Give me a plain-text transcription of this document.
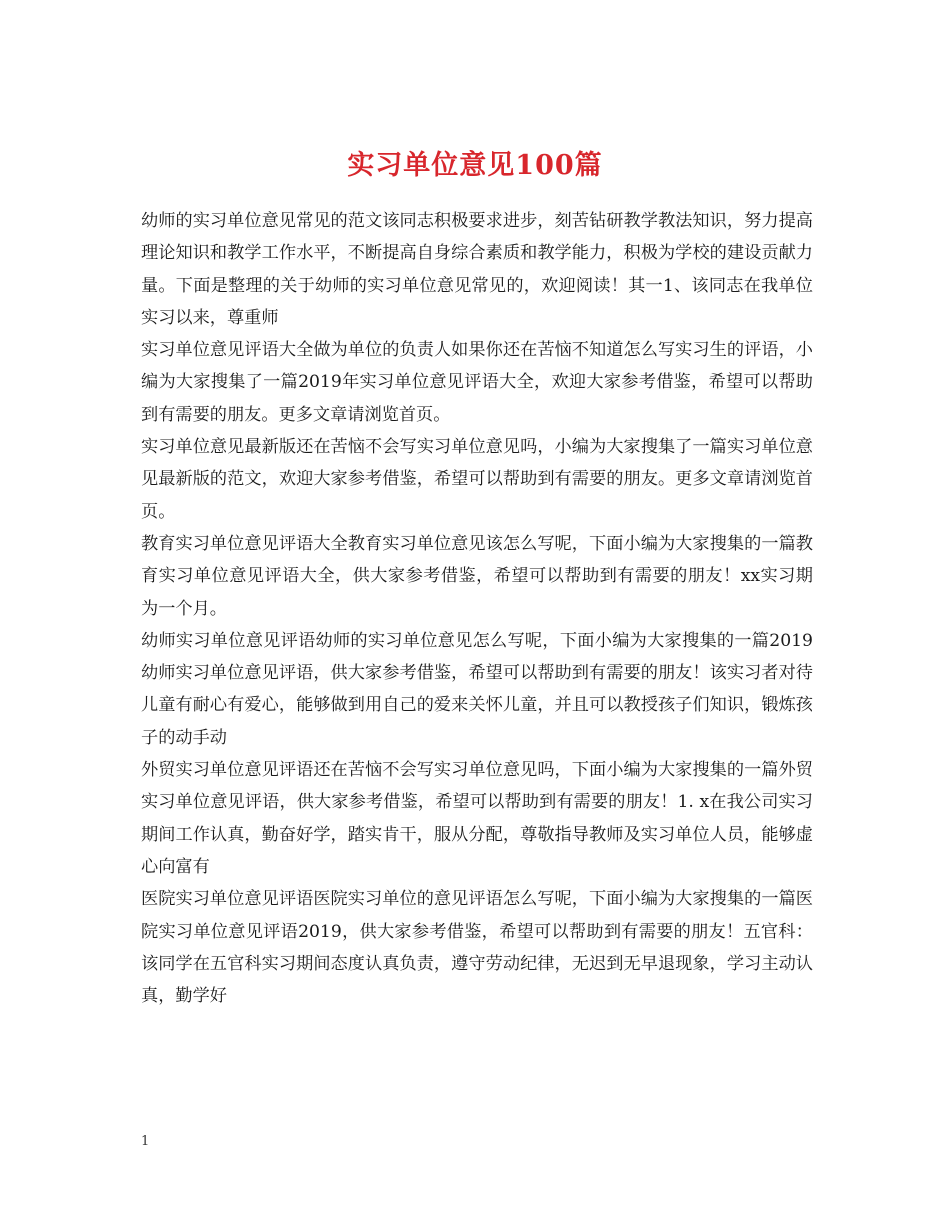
实习单位意见100篇

幼师的实习单位意见常见的范文该同志积极要求进步，刻苦钻研教学教法知识，努力提高理论知识和教学工作水平，不断提高自身综合素质和教学能力，积极为学校的建设贡献力量。下面是整理的关于幼师的实习单位意见常见的，欢迎阅读！其一1、该同志在我单位实习以来，尊重师

实习单位意见评语大全做为单位的负责人如果你还在苦恼不知道怎么写实习生的评语，小编为大家搜集了一篇2019年实习单位意见评语大全，欢迎大家参考借鉴，希望可以帮助到有需要的朋友。更多文章请浏览首页。

实习单位意见最新版还在苦恼不会写实习单位意见吗，小编为大家搜集了一篇实习单位意见最新版的范文，欢迎大家参考借鉴，希望可以帮助到有需要的朋友。更多文章请浏览首页。

教育实习单位意见评语大全教育实习单位意见该怎么写呢，下面小编为大家搜集的一篇教育实习单位意见评语大全，供大家参考借鉴，希望可以帮助到有需要的朋友！xx实习期为一个月。

幼师实习单位意见评语幼师的实习单位意见怎么写呢，下面小编为大家搜集的一篇2019幼师实习单位意见评语，供大家参考借鉴，希望可以帮助到有需要的朋友！该实习者对待儿童有耐心有爱心，能够做到用自己的爱来关怀儿童，并且可以教授孩子们知识，锻炼孩子的动手动

外贸实习单位意见评语还在苦恼不会写实习单位意见吗，下面小编为大家搜集的一篇外贸实习单位意见评语，供大家参考借鉴，希望可以帮助到有需要的朋友！1. x在我公司实习期间工作认真，勤奋好学，踏实肯干，服从分配，尊敬指导教师及实习单位人员，能够虚心向富有

医院实习单位意见评语医院实习单位的意见评语怎么写呢，下面小编为大家搜集的一篇医院实习单位意见评语2019，供大家参考借鉴，希望可以帮助到有需要的朋友！五官科：该同学在五官科实习期间态度认真负责，遵守劳动纪律，无迟到无早退现象，学习主动认真，勤学好

1
